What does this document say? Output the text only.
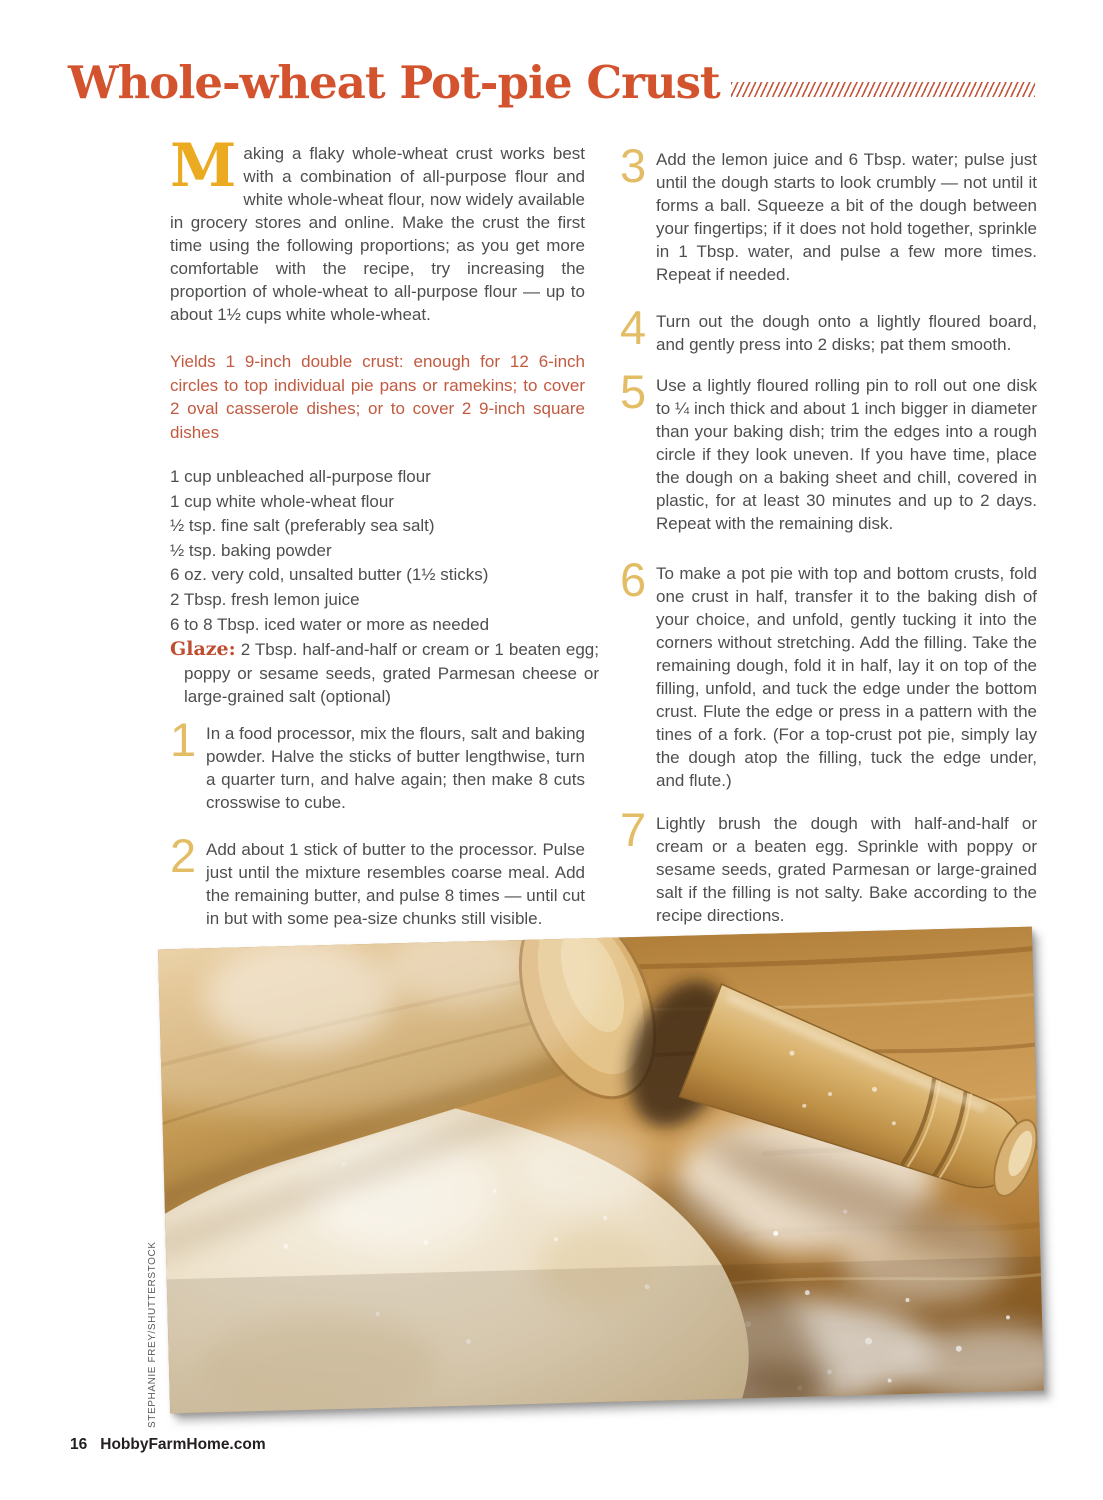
Whole-wheat Pot-pie Crust

Making a flaky whole-wheat crust works best with a combination of all-purpose flour and white whole-wheat flour, now widely available in grocery stores and online. Make the crust the first time using the following proportions; as you get more comfortable with the recipe, try increasing the proportion of whole-wheat to all-purpose flour — up to about 1½ cups white whole-wheat.

Yields 1 9-inch double crust: enough for 12 6-inch circles to top individual pie pans or ramekins; to cover 2 oval casserole dishes; or to cover 2 9-inch square dishes

1 cup unbleached all-purpose flour
1 cup white whole-wheat flour
½ tsp. fine salt (preferably sea salt)
½ tsp. baking powder
6 oz. very cold, unsalted butter (1½ sticks)
2 Tbsp. fresh lemon juice
6 to 8 Tbsp. iced water or more as needed

Glaze: 2 Tbsp. half-and-half or cream or 1 beaten egg; poppy or sesame seeds, grated Parmesan cheese or large-grained salt (optional)

1 In a food processor, mix the flours, salt and baking powder. Halve the sticks of butter lengthwise, turn a quarter turn, and halve again; then make 8 cuts crosswise to cube.

2 Add about 1 stick of butter to the processor. Pulse just until the mixture resembles coarse meal. Add the remaining butter, and pulse 8 times — until cut in but with some pea-size chunks still visible.

3 Add the lemon juice and 6 Tbsp. water; pulse just until the dough starts to look crumbly — not until it forms a ball. Squeeze a bit of the dough between your fingertips; if it does not hold together, sprinkle in 1 Tbsp. water, and pulse a few more times. Repeat if needed.

4 Turn out the dough onto a lightly floured board, and gently press into 2 disks; pat them smooth.

5 Use a lightly floured rolling pin to roll out one disk to ¼ inch thick and about 1 inch bigger in diameter than your baking dish; trim the edges into a rough circle if they look uneven. If you have time, place the dough on a baking sheet and chill, covered in plastic, for at least 30 minutes and up to 2 days. Repeat with the remaining disk.

6 To make a pot pie with top and bottom crusts, fold one crust in half, transfer it to the baking dish of your choice, and unfold, gently tucking it into the corners without stretching. Add the filling. Take the remaining dough, fold it in half, lay it on top of the filling, unfold, and tuck the edge under the bottom crust. Flute the edge or press in a pattern with the tines of a fork. (For a top-crust pot pie, simply lay the dough atop the filling, tuck the edge under, and flute.)

7 Lightly brush the dough with half-and-half or cream or a beaten egg. Sprinkle with poppy or sesame seeds, grated Parmesan or large-grained salt if the filling is not salty. Bake according to the recipe directions.

STEPHANIE FREY/SHUTTERSTOCK
16 HobbyFarmHome.com
